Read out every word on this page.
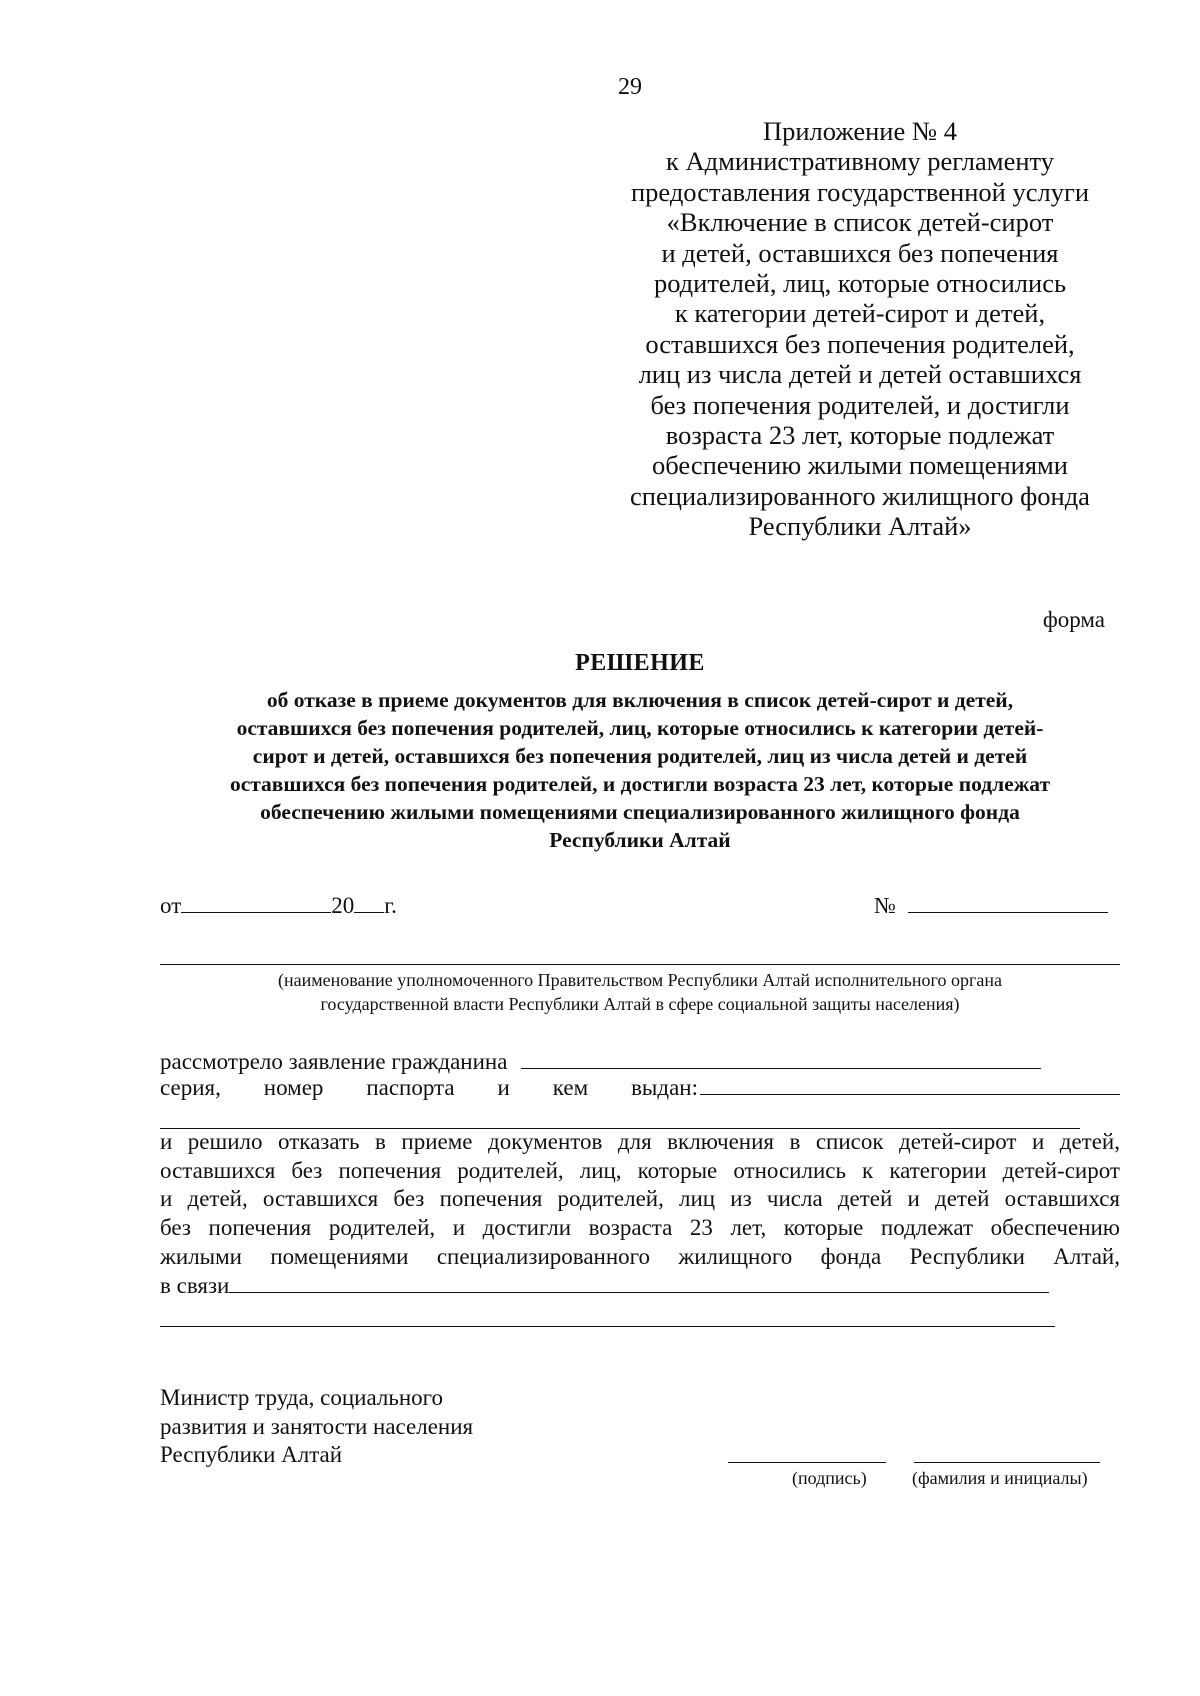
29
Приложение № 4
к Административному регламенту
предоставления государственной услуги
«Включение в список детей-сирот
и детей, оставшихся без попечения
родителей, лиц, которые относились
к категории детей-сирот и детей,
оставшихся без попечения родителей,
лиц из числа детей и детей оставшихся
без попечения родителей, и достигли
возраста 23 лет, которые подлежат
обеспечению жилыми помещениями
специализированного жилищного фонда
Республики Алтай»
форма
РЕШЕНИЕ
об отказе в приеме документов для включения в список детей-сирот и детей,
оставшихся без попечения родителей, лиц, которые относились к категории детей-
сирот и детей, оставшихся без попечения родителей, лиц из числа детей и детей
оставшихся без попечения родителей, и достигли возраста 23 лет, которые подлежат
обеспечению жилыми помещениями специализированного жилищного фонда
Республики Алтай
от	20 г.	№
(наименование уполномоченного Правительством Республики Алтай исполнительного органа
государственной власти Республики Алтай в сфере социальной защиты населения)
рассмотрело заявление гражданина
серия, номер паспорта и кем выдан:
и решило отказать в приеме документов для включения в список детей-сирот и детей,
оставшихся без попечения родителей, лиц, которые относились к категории детей-сирот
и детей, оставшихся без попечения родителей, лиц из числа детей и детей оставшихся
без попечения родителей, и достигли возраста 23 лет, которые подлежат обеспечению
жилыми помещениями специализированного жилищного фонда Республики Алтай,
в связи
Министр труда, социального
развития и занятости населения
Республики Алтай
(подпись)	(фамилия и инициалы)
